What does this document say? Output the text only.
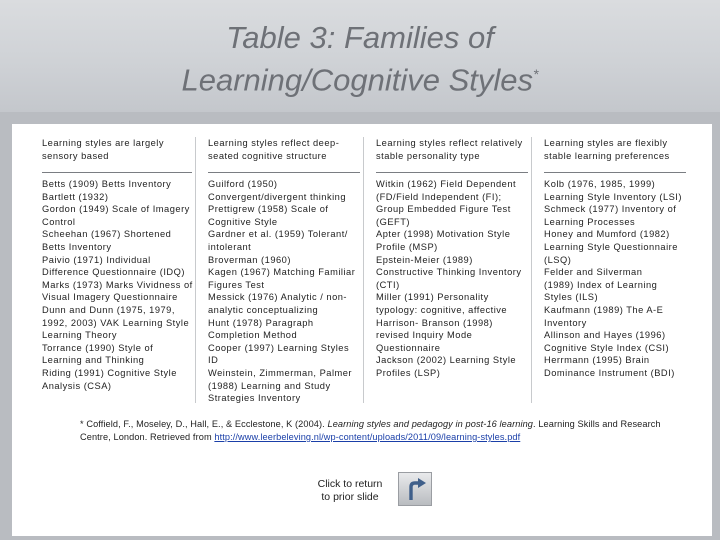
Table 3: Families of
Learning/Cognitive Styles*
Learning styles are largely
sensory based
Betts (1909) Betts Inventory
Bartlett (1932)
Gordon (1949) Scale of Imagery
Control
Scheehan (1967) Shortened
Betts Inventory
Paivio (1971) Individual
Difference Questionnaire (IDQ)
Marks (1973) Marks Vividness of
Visual Imagery Questionnaire
Dunn and Dunn (1975, 1979,
1992, 2003) VAK Learning Style
Learning Theory
Torrance (1990) Style of
Learning and Thinking
Riding (1991) Cognitive Style
Analysis (CSA)
Learning styles reflect deep-
seated cognitive structure
Guilford (1950)
Convergent/divergent thinking
Prettigrew (1958) Scale of
Cognitive Style
Gardner et al. (1959) Tolerant/
intolerant
Broverman (1960)
Kagen (1967) Matching Familiar
Figures Test
Messick (1976) Analytic / non-
analytic conceptualizing
Hunt (1978) Paragraph
Completion Method
Cooper (1997) Learning Styles
ID
Weinstein, Zimmerman, Palmer
(1988) Learning and Study
Strategies Inventory
Learning styles reflect relatively
stable personality type
Witkin (1962) Field Dependent
(FD/Field Independent (FI);
Group Embedded Figure Test
(GEFT)
Apter (1998) Motivation Style
Profile (MSP)
Epstein-Meier (1989)
Constructive Thinking Inventory
(CTI)
Miller (1991) Personality
typology: cognitive, affective
Harrison- Branson (1998)
revised Inquiry Mode
Questionnaire
Jackson (2002) Learning Style
Profiles (LSP)
Learning styles are flexibly
stable learning preferences
Kolb (1976, 1985, 1999)
Learning Style Inventory (LSI)
Schmeck (1977) Inventory of
Learning Processes
Honey and Mumford (1982)
Learning Style Questionnaire
(LSQ)
Felder and Silverman
(1989) Index of Learning
Styles (ILS)
Kaufmann (1989) The A-E
Inventory
Allinson and Hayes (1996)
Cognitive Style Index (CSI)
Herrmann (1995) Brain
Dominance Instrument (BDI)
* Coffield, F., Moseley, D., Hall, E., & Ecclestone, K (2004). Learning styles and pedagogy in post-16 learning. Learning Skills and Research Centre, London. Retrieved from http://www.leerbeleving.nl/wp-content/uploads/2011/09/learning-styles.pdf
Click to return
to prior slide
